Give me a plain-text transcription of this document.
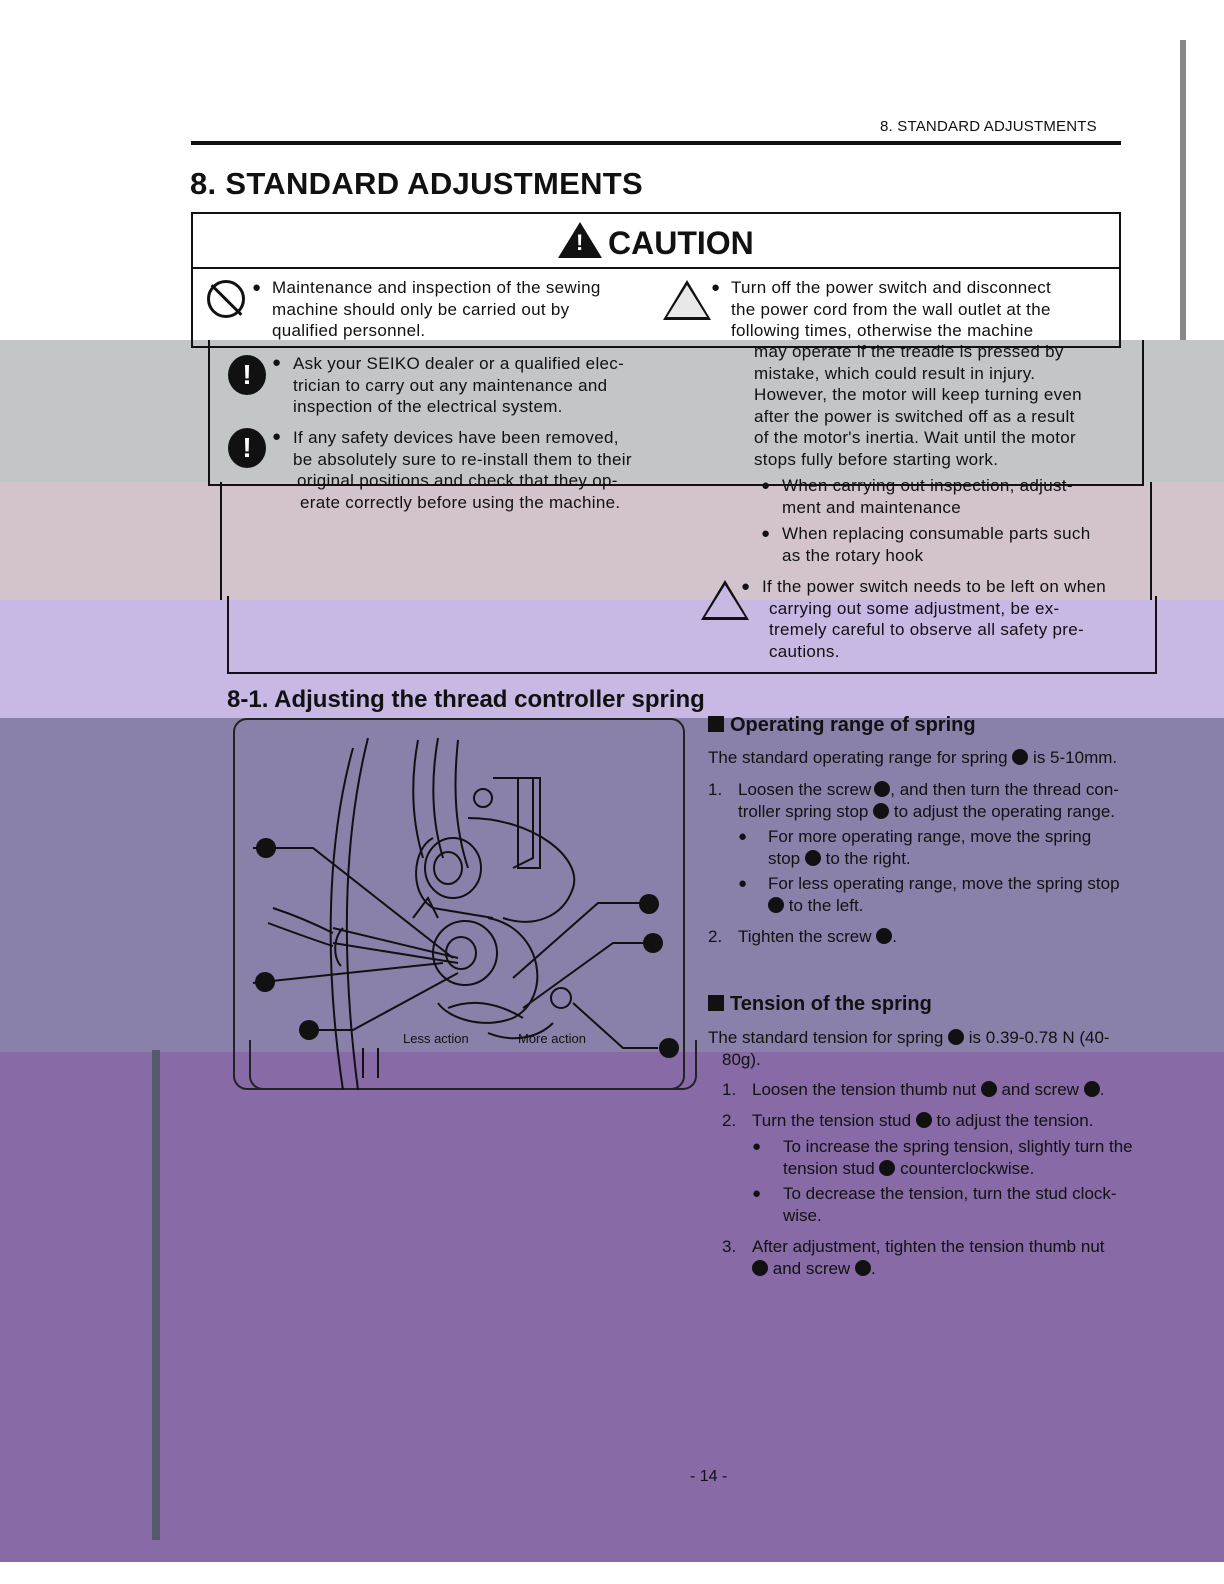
8. STANDARD ADJUSTMENTS
8. STANDARD ADJUSTMENTS
!CAUTION
● Maintenance and inspection of the sewing
machine should only be carried out by
qualified personnel.
!	● Ask your SEIKO dealer or a qualified elec-
trician to carry out any maintenance and
inspection of the electrical system.
!	● If any safety devices have been removed,
be absolutely sure to re-install them to their
original positions and check that they op-
erate correctly before using the machine.
● Turn off the power switch and disconnect
the power cord from the wall outlet at the
following times, otherwise the machine
may operate if the treadle is pressed by
mistake, which could result in injury.
However, the motor will keep turning even
after the power is switched off as a result
of the motor's inertia. Wait until the motor
stops fully before starting work.
● When carrying out inspection, adjust-
ment and maintenance
● When replacing consumable parts such
as the rotary hook
● If the power switch needs to be left on when
carrying out some adjustment, be ex-
tremely careful to observe all safety pre-
cautions.
8-1. Adjusting the thread controller spring
Less action	More action
Operating range of spring
The standard operating range for spring is 5-10mm.
1. Loosen the screw , and then turn the thread con-
troller spring stop to adjust the operating range.
● For more operating range, move the spring
stop to the right.
● For less operating range, move the spring stop
to the left.
2. Tighten the screw .
Tension of the spring
The standard tension for spring is 0.39-0.78 N (40-
80g).
1. Loosen the tension thumb nut and screw .
2. Turn the tension stud to adjust the tension.
● To increase the spring tension, slightly turn the
tension stud counterclockwise.
● To decrease the tension, turn the stud clock-
wise.
3. After adjustment, tighten the tension thumb nut
and screw .
- 14 -
